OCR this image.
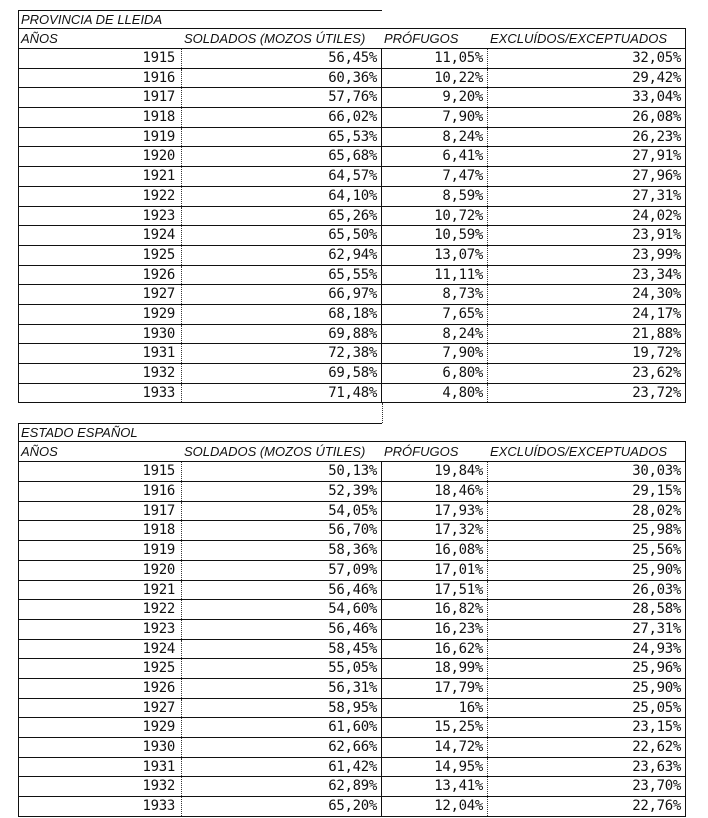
PROVINCIA DE LLEIDA
AÑOS	SOLDADOS (MOZOS ÚTILES)	PRÓFUGOS	EXCLUÍDOS/EXCEPTUADOS
1915	56,45%	11,05%	32,05%
1916	60,36%	10,22%	29,42%
1917	57,76%	9,20%	33,04%
1918	66,02%	7,90%	26,08%
1919	65,53%	8,24%	26,23%
1920	65,68%	6,41%	27,91%
1921	64,57%	7,47%	27,96%
1922	64,10%	8,59%	27,31%
1923	65,26%	10,72%	24,02%
1924	65,50%	10,59%	23,91%
1925	62,94%	13,07%	23,99%
1926	65,55%	11,11%	23,34%
1927	66,97%	8,73%	24,30%
1929	68,18%	7,65%	24,17%
1930	69,88%	8,24%	21,88%
1931	72,38%	7,90%	19,72%
1932	69,58%	6,80%	23,62%
1933	71,48%	4,80%	23,72%
ESTADO ESPAÑOL
AÑOS	SOLDADOS (MOZOS ÚTILES)	PRÓFUGOS	EXCLUÍDOS/EXCEPTUADOS
1915	50,13%	19,84%	30,03%
1916	52,39%	18,46%	29,15%
1917	54,05%	17,93%	28,02%
1918	56,70%	17,32%	25,98%
1919	58,36%	16,08%	25,56%
1920	57,09%	17,01%	25,90%
1921	56,46%	17,51%	26,03%
1922	54,60%	16,82%	28,58%
1923	56,46%	16,23%	27,31%
1924	58,45%	16,62%	24,93%
1925	55,05%	18,99%	25,96%
1926	56,31%	17,79%	25,90%
1927	58,95%	16%	25,05%
1929	61,60%	15,25%	23,15%
1930	62,66%	14,72%	22,62%
1931	61,42%	14,95%	23,63%
1932	62,89%	13,41%	23,70%
1933	65,20%	12,04%	22,76%
